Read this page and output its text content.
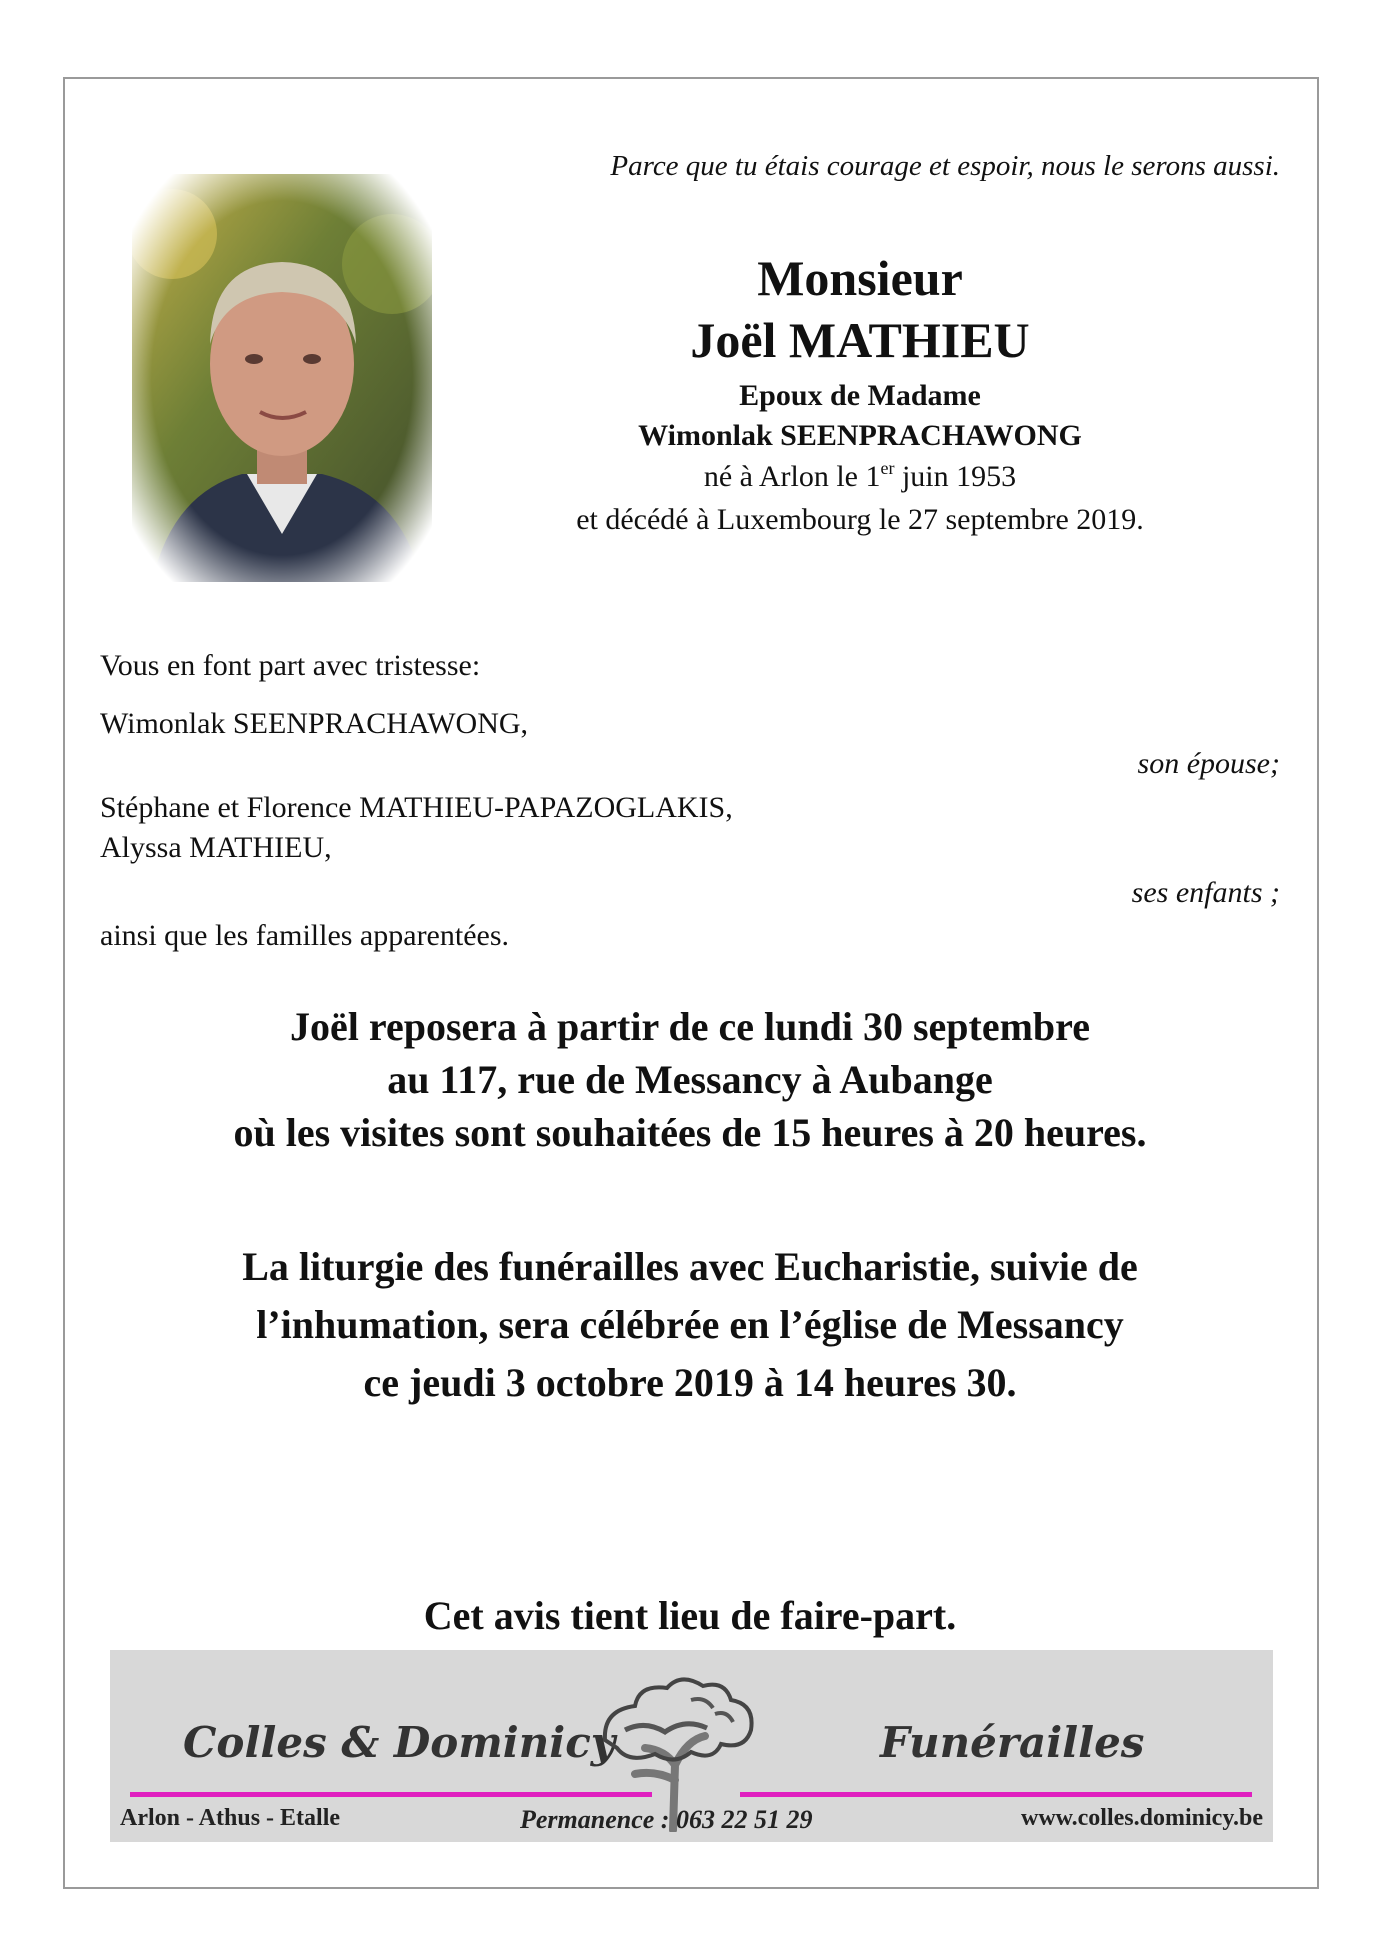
Parce que tu étais courage et espoir, nous le serons aussi.
Monsieur
Joël MATHIEU
Epoux de Madame
Wimonlak SEENPRACHAWONG
né à Arlon le 1er juin 1953
et décédé à Luxembourg le 27 septembre 2019.
Vous en font part avec tristesse:
Wimonlak SEENPRACHAWONG,
son épouse;
Stéphane et Florence MATHIEU-PAPAZOGLAKIS,
Alyssa MATHIEU,
ses enfants ;
ainsi que les familles apparentées.
Joël reposera à partir de ce lundi 30 septembre
au 117, rue de Messancy à Aubange
où les visites sont souhaitées de 15 heures à 20 heures.
La liturgie des funérailles avec Eucharistie, suivie de
l’inhumation, sera célébrée en l’église de Messancy
ce jeudi 3 octobre 2019 à 14 heures 30.
Cet avis tient lieu de faire-part.
Colles & Dominicy	Funérailles
Arlon - Athus - Etalle	Permanence : 063 22 51 29	www.colles.dominicy.be
